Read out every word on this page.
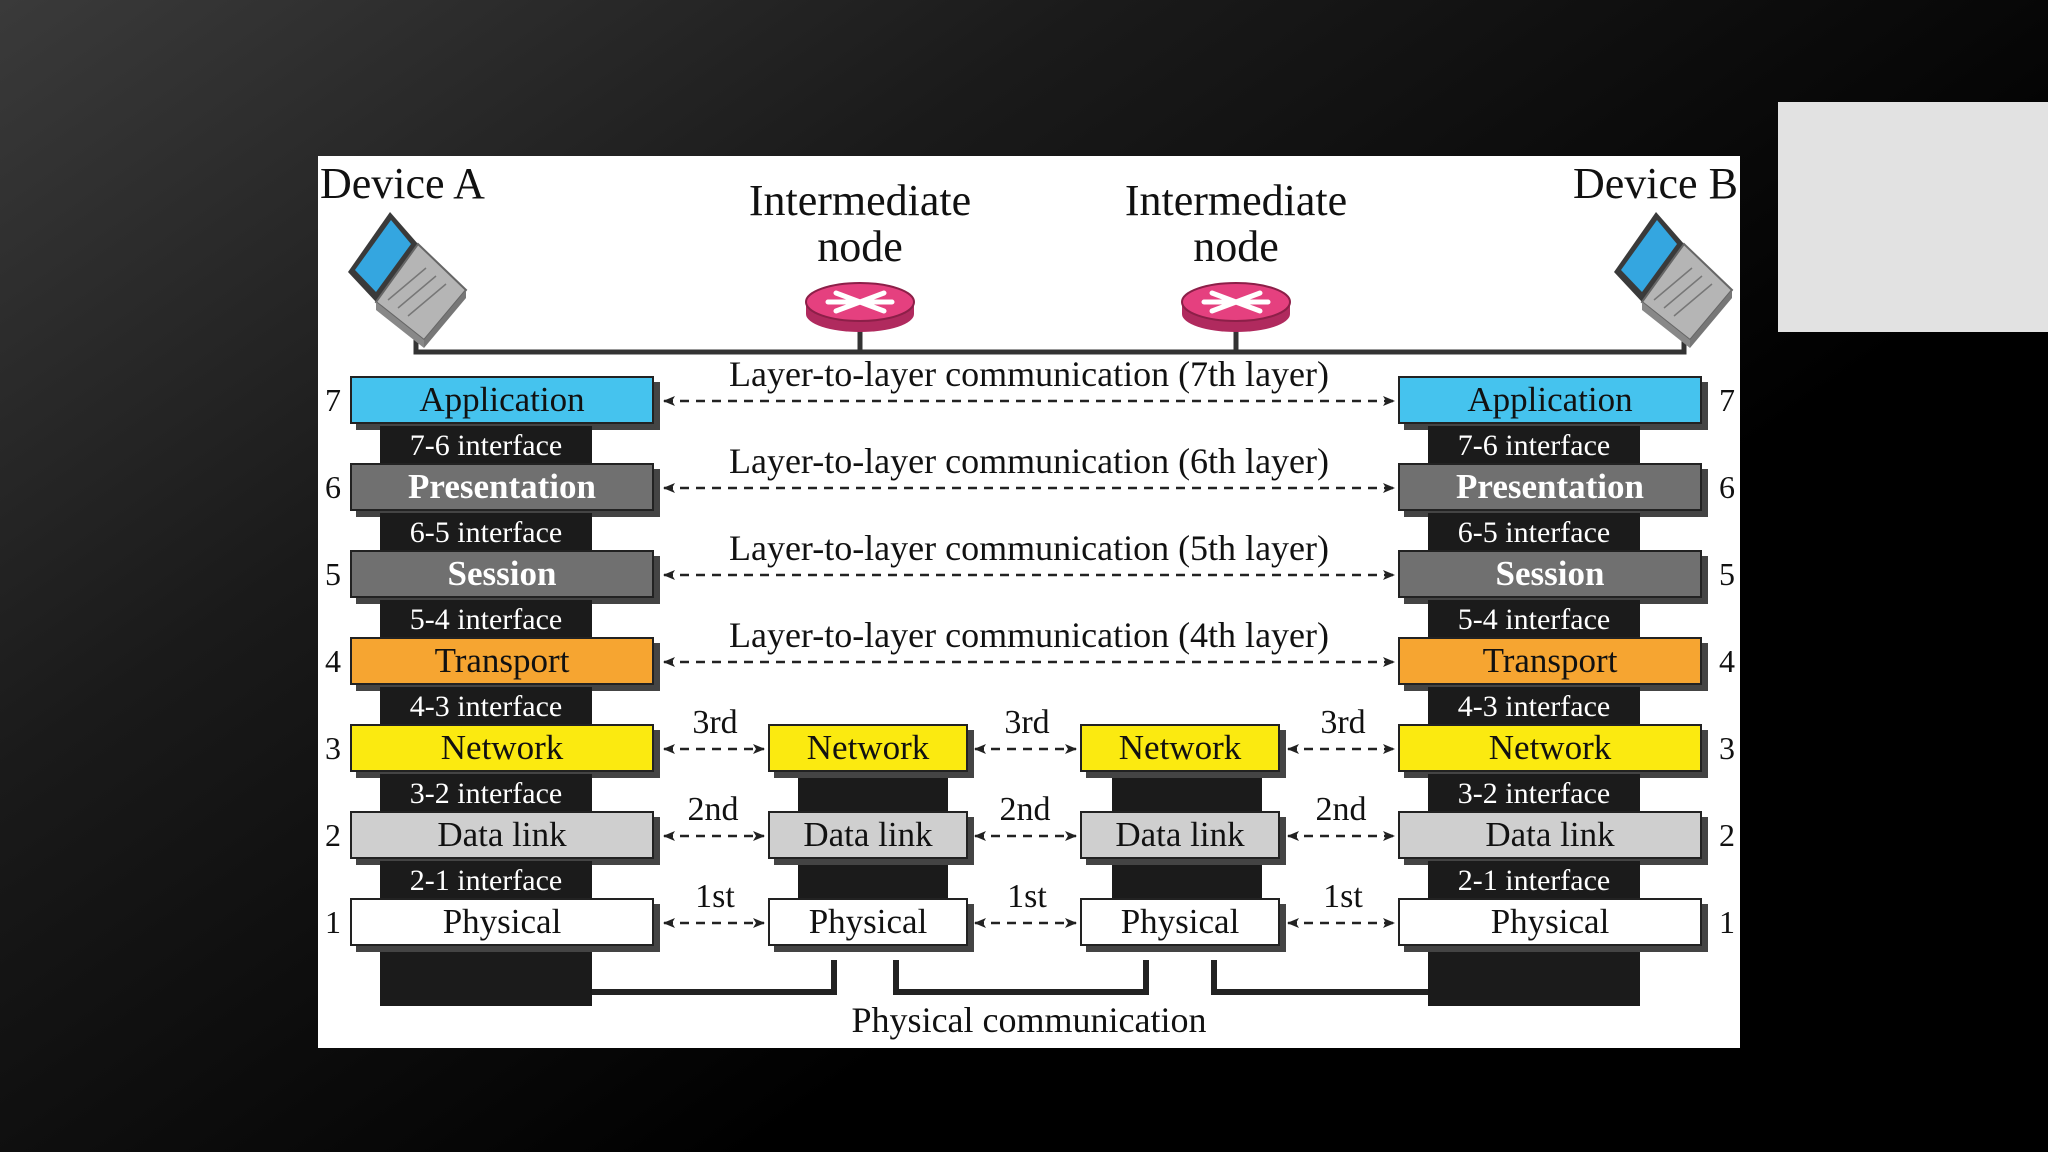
Device A	Device B
Intermediate
node
Intermediate
node
7
6
5
4
3
2
1
7
6
5
4
3
2
1
Application
7-6 interface
Presentation
6-5 interface
Session
5-4 interface
Transport
4-3 interface
Network
3-2 interface
Data link
2-1 interface
Physical
Application
7-6 interface
Presentation
6-5 interface
Session
5-4 interface
Transport
4-3 interface
Network
3-2 interface
Data link
2-1 interface
Physical
Network
Data link
Physical
Network
Data link
Physical
Layer-to-layer communication (7th layer)
Layer-to-layer communication (6th layer)
Layer-to-layer communication (5th layer)
Layer-to-layer communication (4th layer)
3rd	3rd	3rd
2nd	2nd	2nd
1st	1st	1st
Physical communication
